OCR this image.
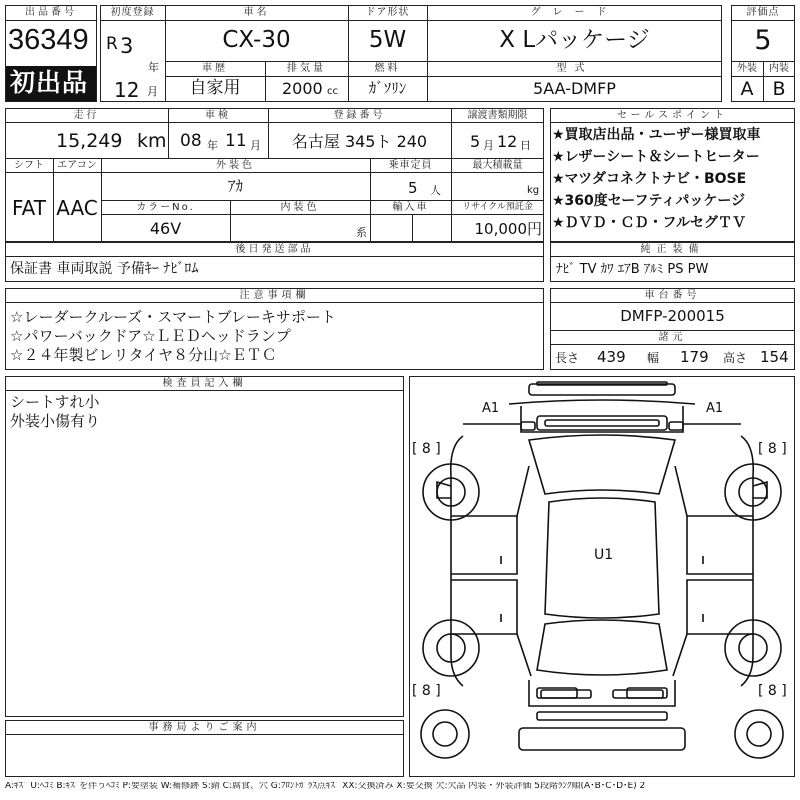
出品番号
36349
初出品
初度登録
R 3
年
12 月
車名
CX-30
ドア形状
5W
グレード
X Lパッケージ
車歴
自家用
排気量
2000 cc
燃料
ｶﾞｿﾘﾝ
型式
5AA-DMFP
評価点
5
外装	内装
A B
走行
15,249 km
車検
08 年 11 月
登録番号
名古屋 345ト 240
譲渡書類期限
5 月 12 日
シフト
FAT
エアコン
AAC
外装色
ｱｶ
乗車定員
5 人
最大積載量
kg
カラーNo.
46V
内装色
系
輸入車	リサイクル預託金
10,000円
後日発送部品
保証書 車両取説 予備ｷｰ ﾅﾋﾞﾛﾑ
セールスポイント
★買取店出品・ユーザー様買取車
★レザーシート＆シートヒーター
★マツダコネクトナビ・BOSE
★360度セーフティパッケージ
★ＤＶＤ・ＣＤ・フルセグＴＶ
純正装備
ﾅﾋﾞ TV ｶﾜ ｴｱB ｱﾙﾐ PS PW
注意事項欄
☆レーダークルーズ・スマートブレーキサポート
☆パワーバックドア☆ＬＥＤヘッドランプ
☆２４年製ビレリタイヤ８分山☆ＥＴＣ
車台番号
DMFP-200015
諸元
長さ 439 幅 179 高さ 154
検査員記入欄
シートすれ小
外装小傷有り
事務局よりご案内
A1	A1
U1
[ 8 ]	[ 8 ]
[ 8 ]	[ 8 ]
A:ｷｽﾞ U:ﾍｺﾐ B:ｷｽﾞを伴うﾍｺﾐ P:要塗装 W:補修跡 S:錆 C:腐食、穴 G:ﾌﾛﾝﾄｶﾞﾗｽ点ｷｽﾞ XX:交換済み X:要交換 欠:欠品 内装・外装評価 5段階ﾗﾝｸ順(A･B･C･D･E) 2
